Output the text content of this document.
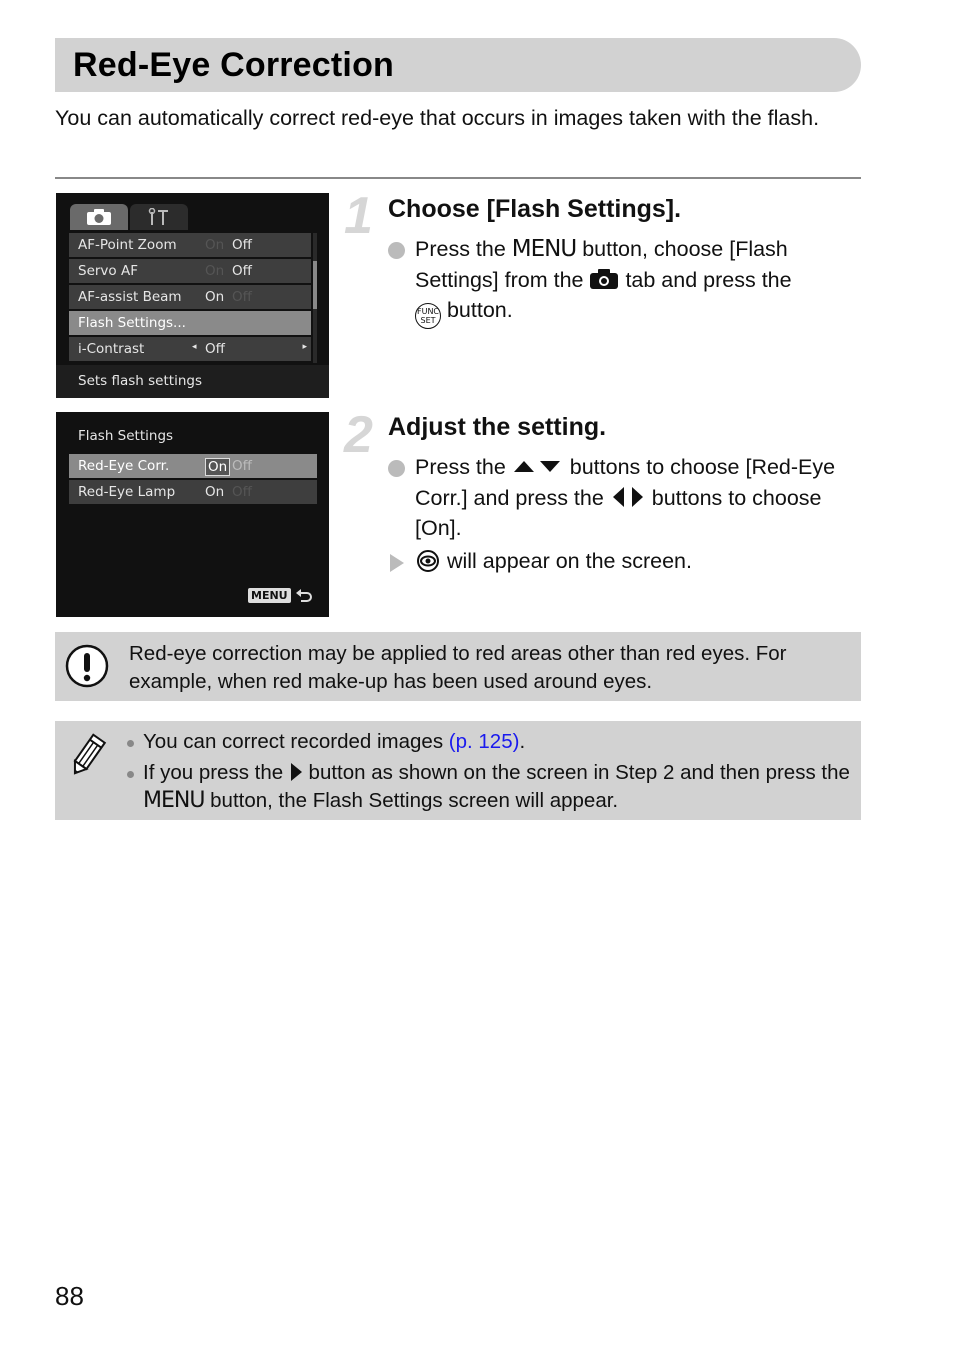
Red-Eye Correction
You can automatically correct red-eye that occurs in images taken with the flash.
AF-Point Zoom On Off
Servo AF	On Off
AF-assist Beam On Off
Flash Settings...
i-Contrast	◂ Off	▸
Sets flash settings
Flash Settings
Red-Eye Corr.	On Off
Red-Eye Lamp On Off
MENU
1 Choose [Flash Settings].
Press the MENU button, choose [Flash Settings] from the  tab and press the
FUNC
SET button.
2 Adjust the setting.
Press the  buttons to choose [Red-Eye Corr.] and press the  buttons to choose [On].
will appear on the screen.
Red-eye correction may be applied to red areas other than red eyes. For example, when red make-up has been used around eyes.
You can correct recorded images (p. 125).
If you press the  button as shown on the screen in Step 2 and then press the MENU button, the Flash Settings screen will appear.
88
